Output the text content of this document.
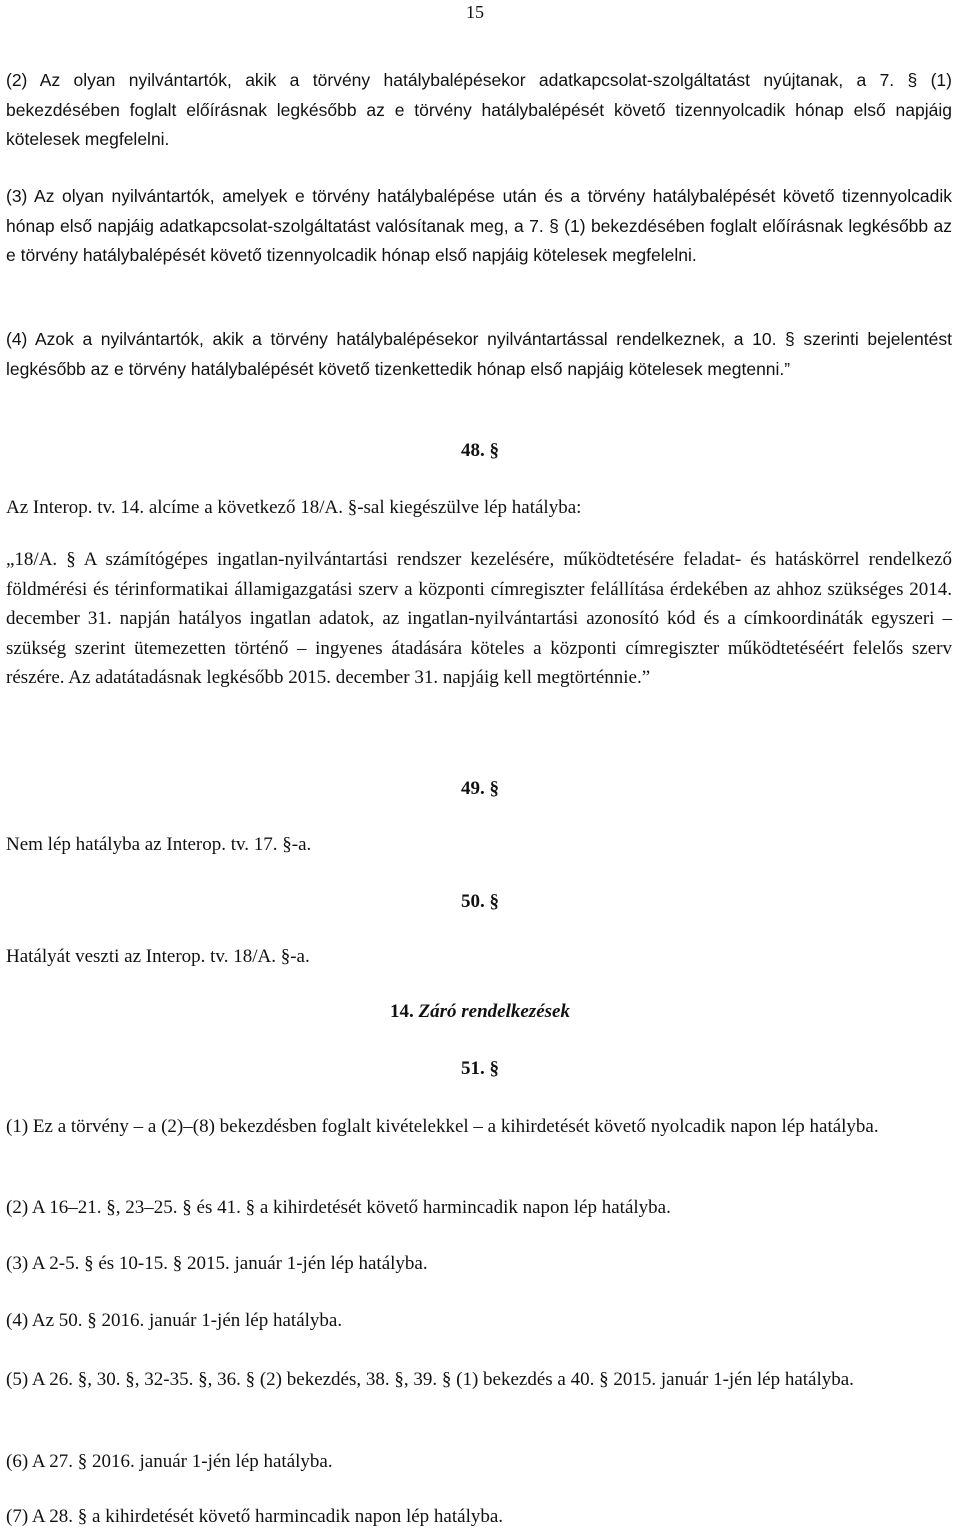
15

(2) Az olyan nyilvántartók, akik a törvény hatálybalépésekor adatkapcsolat-szolgáltatást nyújtanak, a 7. § (1) bekezdésében foglalt előírásnak legkésőbb az e törvény hatálybalépését követő tizennyolcadik hónap első napjáig kötelesek megfelelni.

(3) Az olyan nyilvántartók, amelyek e törvény hatálybalépése után és a törvény hatálybalépését követő tizennyolcadik hónap első napjáig adatkapcsolat-szolgáltatást valósítanak meg, a 7. § (1) bekezdésében foglalt előírásnak legkésőbb az e törvény hatálybalépését követő tizennyolcadik hónap első napjáig kötelesek megfelelni.

(4) Azok a nyilvántartók, akik a törvény hatálybalépésekor nyilvántartással rendelkeznek, a 10. § szerinti bejelentést legkésőbb az e törvény hatálybalépését követő tizenkettedik hónap első napjáig kötelesek megtenni.”

48. §
Az Interop. tv. 14. alcíme a következő 18/A. §-sal kiegészülve lép hatályba:

„18/A. § A számítógépes ingatlan-nyilvántartási rendszer kezelésére, működtetésére feladat- és hatáskörrel rendelkező földmérési és térinformatikai államigazgatási szerv a központi címregiszter felállítása érdekében az ahhoz szükséges 2014. december 31. napján hatályos ingatlan adatok, az ingatlan-nyilvántartási azonosító kód és a címkoordináták egyszeri – szükség szerint ütemezetten történő – ingyenes átadására köteles a központi címregiszter működtetéséért felelős szerv részére. Az adatátadásnak legkésőbb 2015. december 31. napjáig kell megtörténnie.”

49. §
Nem lép hatályba az Interop. tv. 17. §-a.
50. §
Hatályát veszti az Interop. tv. 18/A. §-a.
14. Záró rendelkezések
51. §

(1) Ez a törvény – a (2)–(8) bekezdésben foglalt kivételekkel – a kihirdetését követő nyolcadik napon lép hatályba.

(2) A 16–21. §, 23–25. § és 41. § a kihirdetését követő harmincadik napon lép hatályba.
(3) A 2-5. § és 10-15. § 2015. január 1-jén lép hatályba.
(4) Az 50. § 2016. január 1-jén lép hatályba.

(5) A 26. §, 30. §, 32-35. §, 36. § (2) bekezdés, 38. §, 39. § (1) bekezdés a 40. § 2015. január 1-jén lép hatályba.

(6) A 27. § 2016. január 1-jén lép hatályba.
(7) A 28. § a kihirdetését követő harmincadik napon lép hatályba.
